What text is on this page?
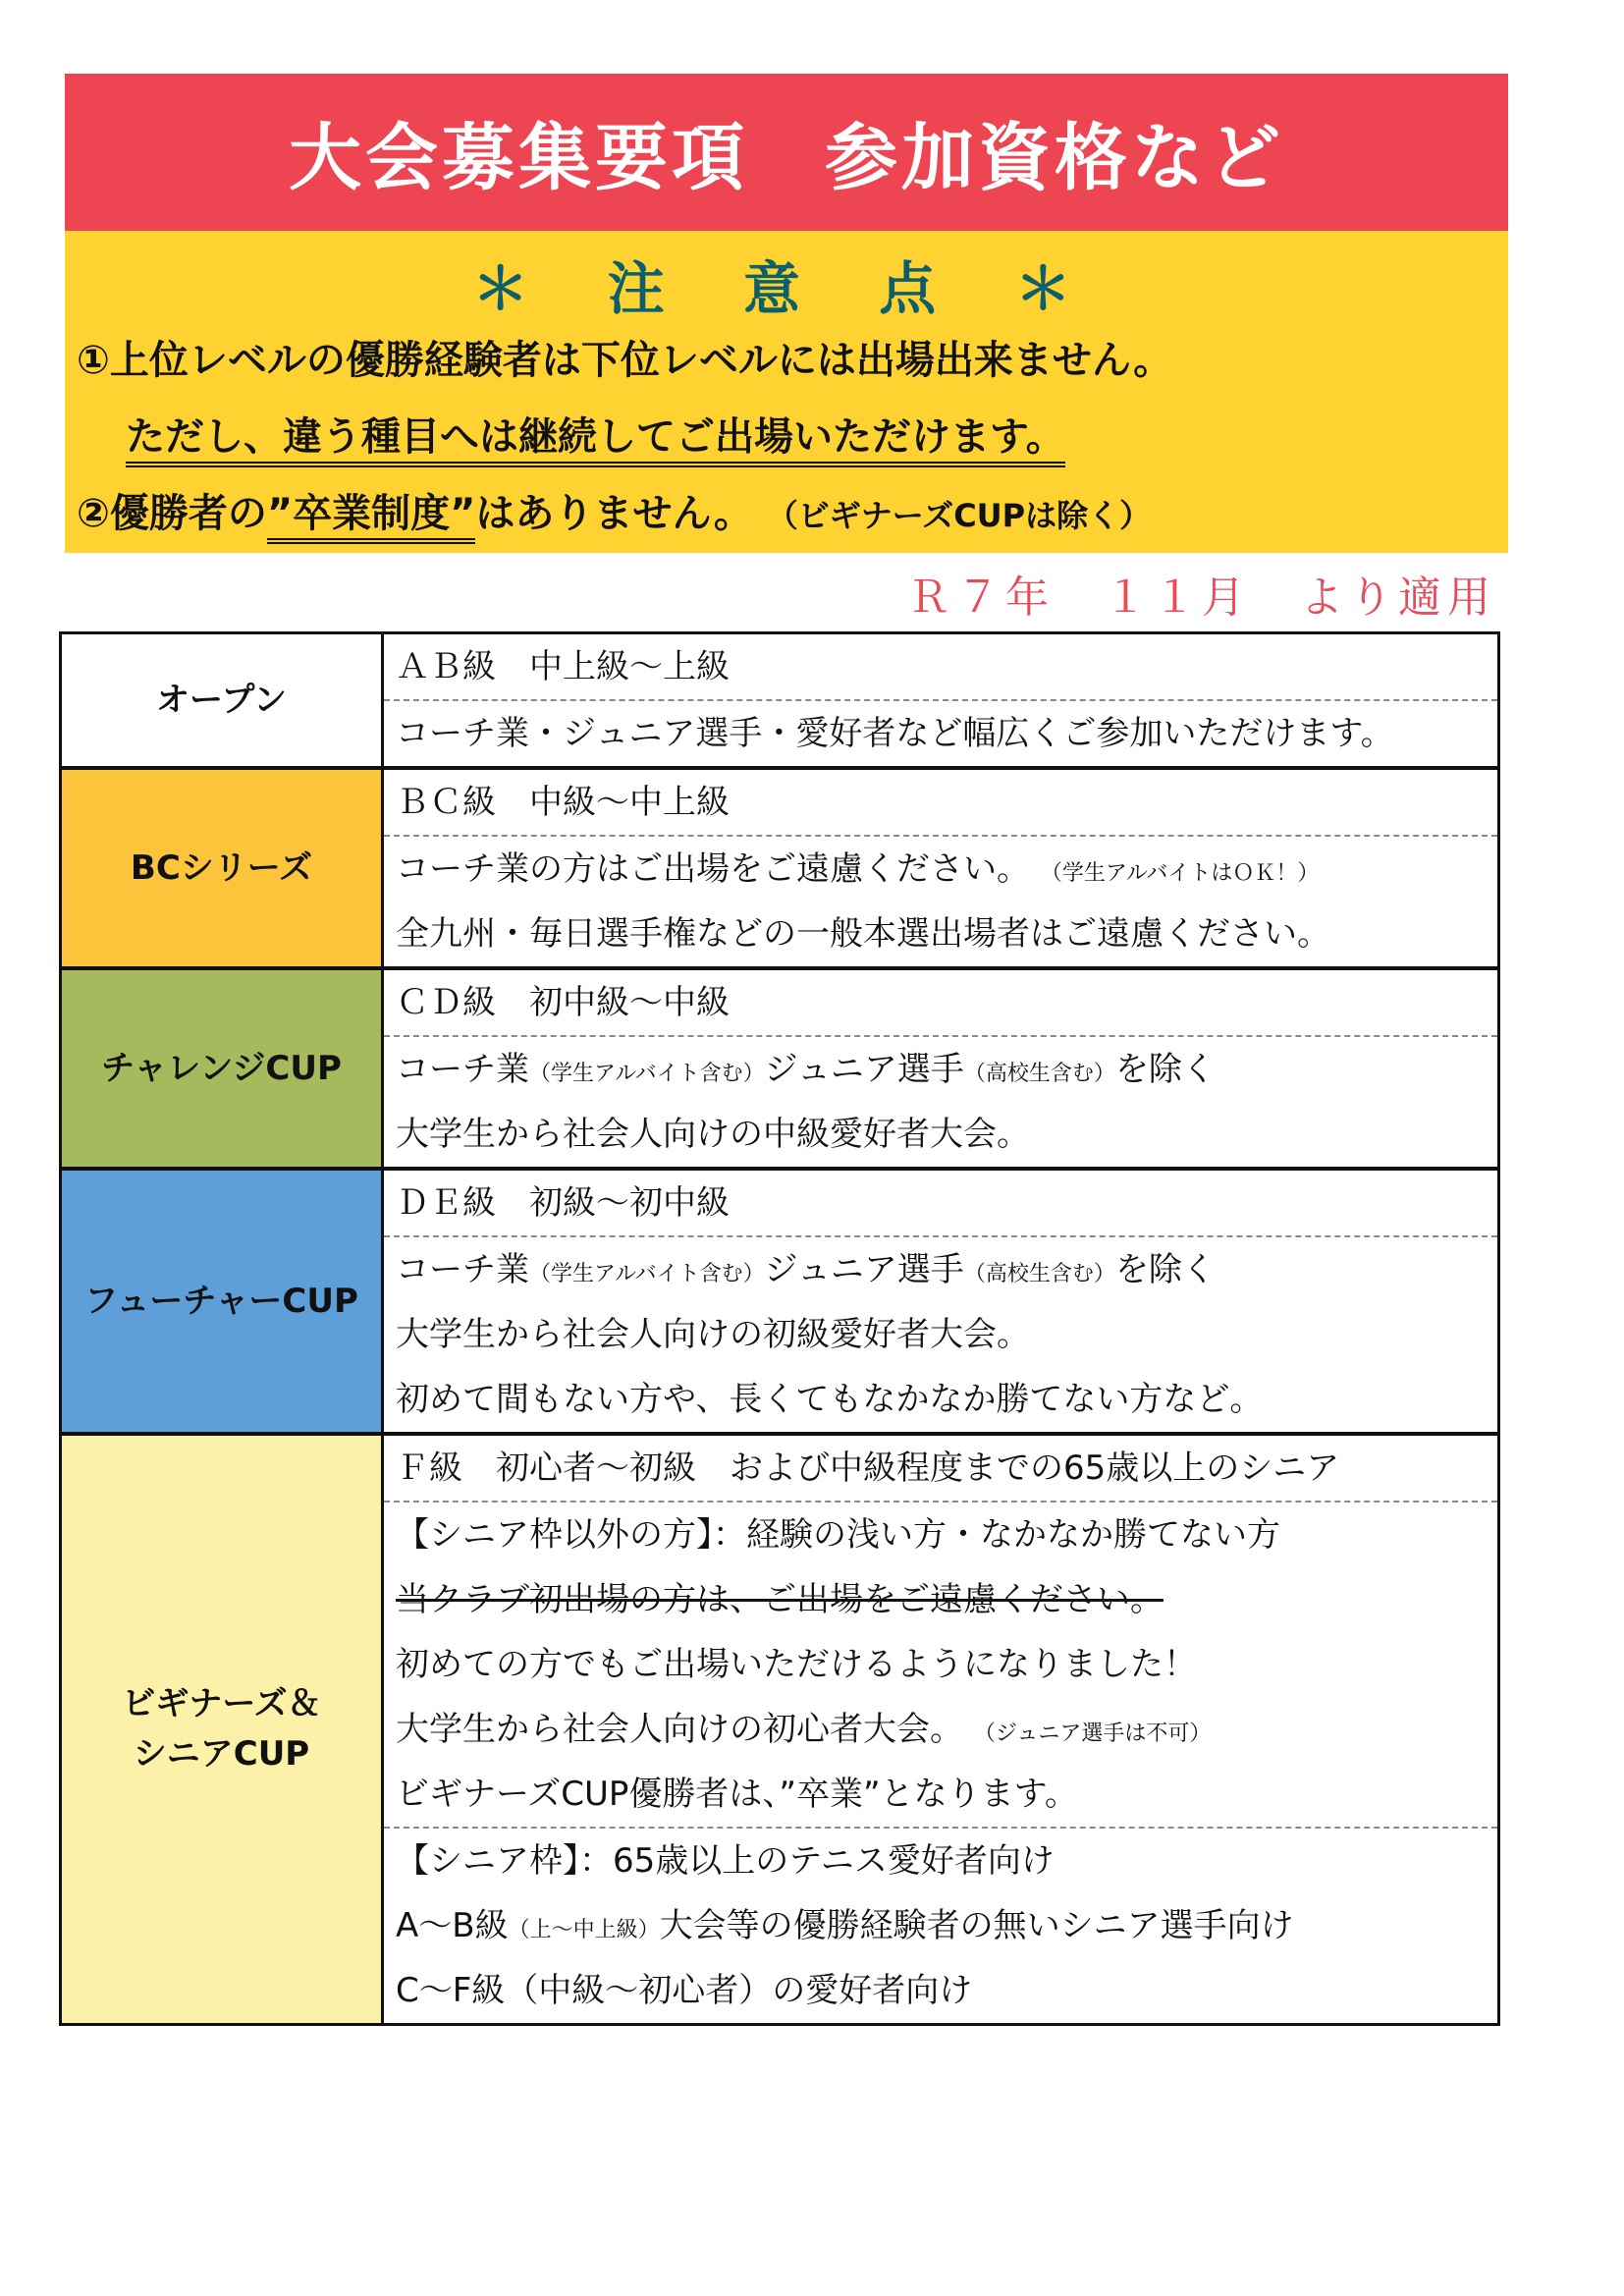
大会募集要項　参加資格など
＊ 注 意 点 ＊
①上位レベルの優勝経験者は下位レベルには出場出来ません。
ただし、違う種目へは継続してご出場いただけます。
②優勝者の”卒業制度”はありません。 （ビギナーズCUPは除く）
Ｒ７年　１１月　より適用
オープン
ＡＢ級　中上級～上級
コーチ業・ジュニア選手・愛好者など幅広くご参加いただけます。
BCシリーズ
ＢＣ級　中級～中上級
コーチ業の方はご出場をご遠慮ください。 （学生アルバイトはＯＫ！）
全九州・毎日選手権などの一般本選出場者はご遠慮ください。
チャレンジCUP
ＣＤ級　初中級～中級
コーチ業（学生アルバイト含む）ジュニア選手（高校生含む）を除く
大学生から社会人向けの中級愛好者大会。
フューチャーCUP
ＤＥ級　初級～初中級
コーチ業（学生アルバイト含む）ジュニア選手（高校生含む）を除く
大学生から社会人向けの初級愛好者大会。
初めて間もない方や、長くてもなかなか勝てない方など。
ビギナーズ＆
シニアCUP
Ｆ級　初心者～初級　および中級程度までの65歳以上のシニア
【シニア枠以外の方】：経験の浅い方・なかなか勝てない方
当クラブ初出場の方は、ご出場をご遠慮ください。
初めての方でもご出場いただけるようになりました！
大学生から社会人向けの初心者大会。 （ジュニア選手は不可）
ビギナーズCUP優勝者は、”卒業”となります。
【シニア枠】：65歳以上のテニス愛好者向け
A～B級（上～中上級）大会等の優勝経験者の無いシニア選手向け
C～F級（中級～初心者）の愛好者向け
